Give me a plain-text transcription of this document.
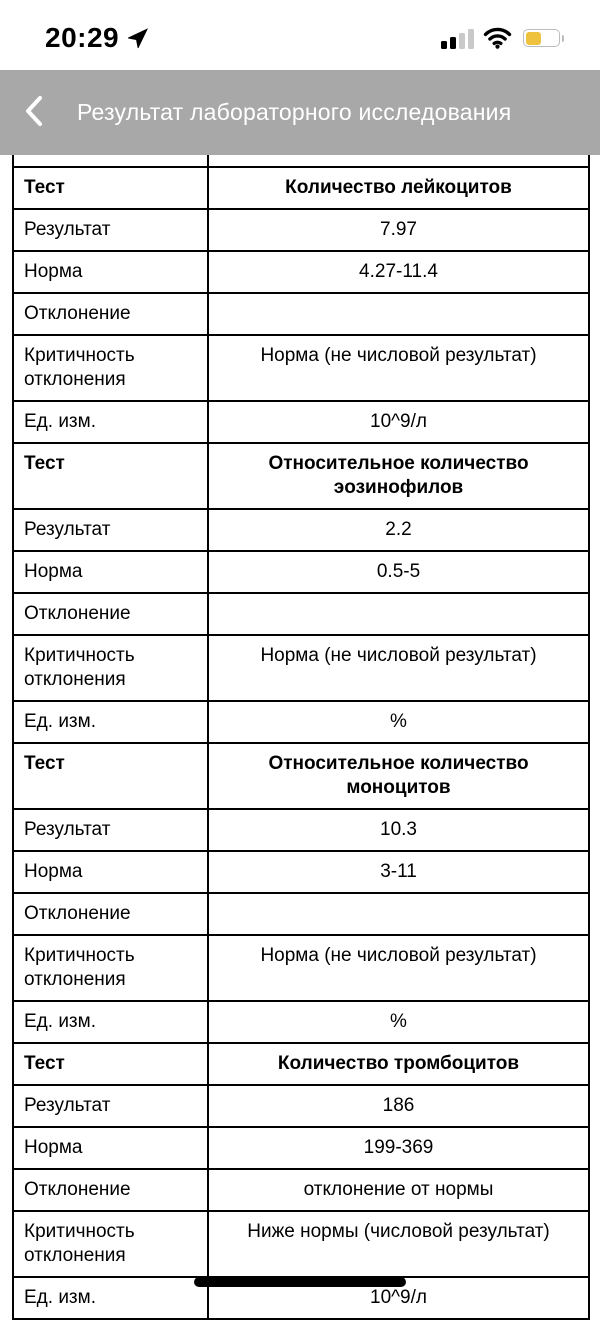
20:29
Результат лабораторного исследования

Тест	Количество лейкоцитов
Результат	7.97
Норма	4.27-11.4
Отклонение	
Критичность отклонения	Норма (не числовой результат)
Ед. изм.	10^9/л
Тест	Относительное количество эозинофилов
Результат	2.2
Норма	0.5-5
Отклонение	
Критичность отклонения	Норма (не числовой результат)
Ед. изм.	%
Тест	Относительное количество моноцитов
Результат	10.3
Норма	3-11
Отклонение	
Критичность отклонения	Норма (не числовой результат)
Ед. изм.	%
Тест	Количество тромбоцитов
Результат	186
Норма	199-369
Отклонение	отклонение от нормы
Критичность отклонения	Ниже нормы (числовой результат)
Ед. изм.	10^9/л
